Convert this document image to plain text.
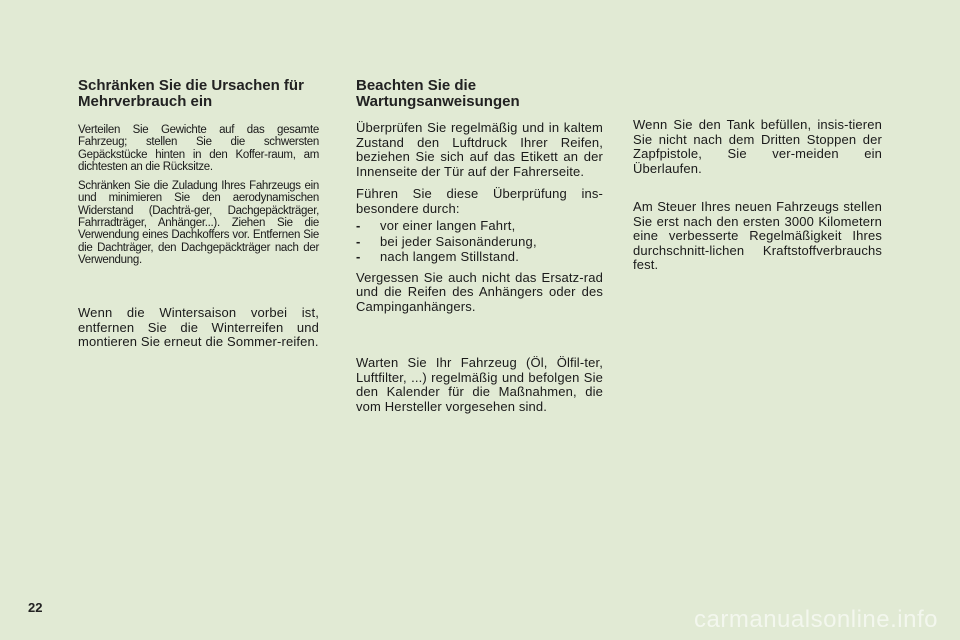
Schränken Sie die Ursachen für Mehrverbrauch ein

Verteilen Sie Gewichte auf das gesamte Fahrzeug; stellen Sie die schwersten Gepäckstücke hinten in den Koffer-raum, am dichtesten an die Rücksitze.

Schränken Sie die Zuladung Ihres Fahrzeugs ein und minimieren Sie den aerodynamischen Widerstand (Dachträ-ger, Dachgepäckträger, Fahrradträger, Anhänger...). Ziehen Sie die Verwendung eines Dachkoffers vor. Entfernen Sie die Dachträger, den Dachgepäckträger nach der Verwendung.

Wenn die Wintersaison vorbei ist, entfernen Sie die Winterreifen und montieren Sie erneut die Sommer-reifen.

Beachten Sie die Wartungsanweisungen

Überprüfen Sie regelmäßig und in kaltem Zustand den Luftdruck Ihrer Reifen, beziehen Sie sich auf das Etikett an der Innenseite der Tür auf der Fahrerseite.

Führen Sie diese Überprüfung ins-besondere durch:

- vor einer langen Fahrt,
- bei jeder Saisonänderung,
- nach langem Stillstand.

Vergessen Sie auch nicht das Ersatz-rad und die Reifen des Anhängers oder des Campinganhängers.

Warten Sie Ihr Fahrzeug (Öl, Ölfil-ter, Luftfilter, ...) regelmäßig und befolgen Sie den Kalender für die Maßnahmen, die vom Hersteller vorgesehen sind.

Wenn Sie den Tank befüllen, insis-tieren Sie nicht nach dem Dritten Stoppen der Zapfpistole, Sie ver-meiden ein Überlaufen.

Am Steuer Ihres neuen Fahrzeugs stellen Sie erst nach den ersten 3000 Kilometern eine verbesserte Regelmäßigkeit Ihres durchschnitt-lichen Kraftstoffverbrauchs fest.

22	carmanualsonline.info
